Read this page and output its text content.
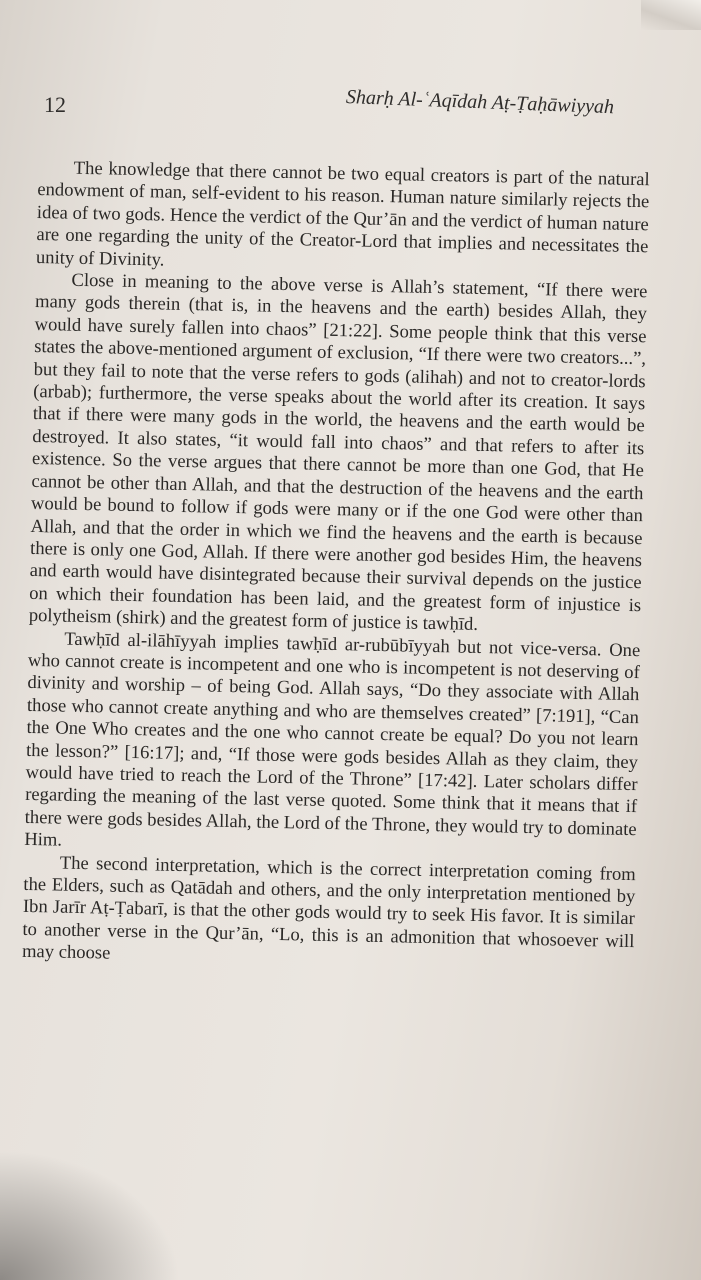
12	Sharḥ Al-ʿAqīdah Aṭ-Ṭaḥāwiyyah

The knowledge that there cannot be two equal creators is part of the natural endowment of man, self-evident to his reason. Human nature similarly rejects the idea of two gods. Hence the verdict of the Qur’ān and the verdict of human nature are one regarding the unity of the Creator-Lord that implies and necessitates the unity of Divinity.

Close in meaning to the above verse is Allah’s statement, “If there were many gods therein (that is, in the heavens and the earth) besides Allah, they would have surely fallen into chaos” [21:22]. Some people think that this verse states the above-mentioned argument of exclusion, “If there were two creators...”, but they fail to note that the verse refers to gods (alihah) and not to creator-lords (arbab); furthermore, the verse speaks about the world after its creation. It says that if there were many gods in the world, the heavens and the earth would be destroyed. It also states, “it would fall into chaos” and that refers to after its existence. So the verse argues that there cannot be more than one God, that He cannot be other than Allah, and that the destruction of the heavens and the earth would be bound to follow if gods were many or if the one God were other than Allah, and that the order in which we find the heavens and the earth is because there is only one God, Allah. If there were another god besides Him, the heavens and earth would have disintegrated because their survival depends on the justice on which their foundation has been laid, and the greatest form of injustice is polytheism (shirk) and the greatest form of justice is tawḥīd.

Tawḥīd al-ilāhīyyah implies tawḥīd ar-rubūbīyyah but not vice-versa. One who cannot create is incompetent and one who is incompetent is not deserving of divinity and worship – of being God. Allah says, “Do they associate with Allah those who cannot create anything and who are themselves created” [7:191], “Can the One Who creates and the one who cannot create be equal? Do you not learn the lesson?” [16:17]; and, “If those were gods besides Allah as they claim, they would have tried to reach the Lord of the Throne” [17:42]. Later scholars differ regarding the meaning of the last verse quoted. Some think that it means that if there were gods besides Allah, the Lord of the Throne, they would try to dominate Him.

The second interpretation, which is the correct interpretation coming from the Elders, such as Qatādah and others, and the only interpretation mentioned by Ibn Jarīr Aṭ-Ṭabarī, is that the other gods would try to seek His favor. It is similar to another verse in the Qur’ān, “Lo, this is an admonition that whosoever will may choose
